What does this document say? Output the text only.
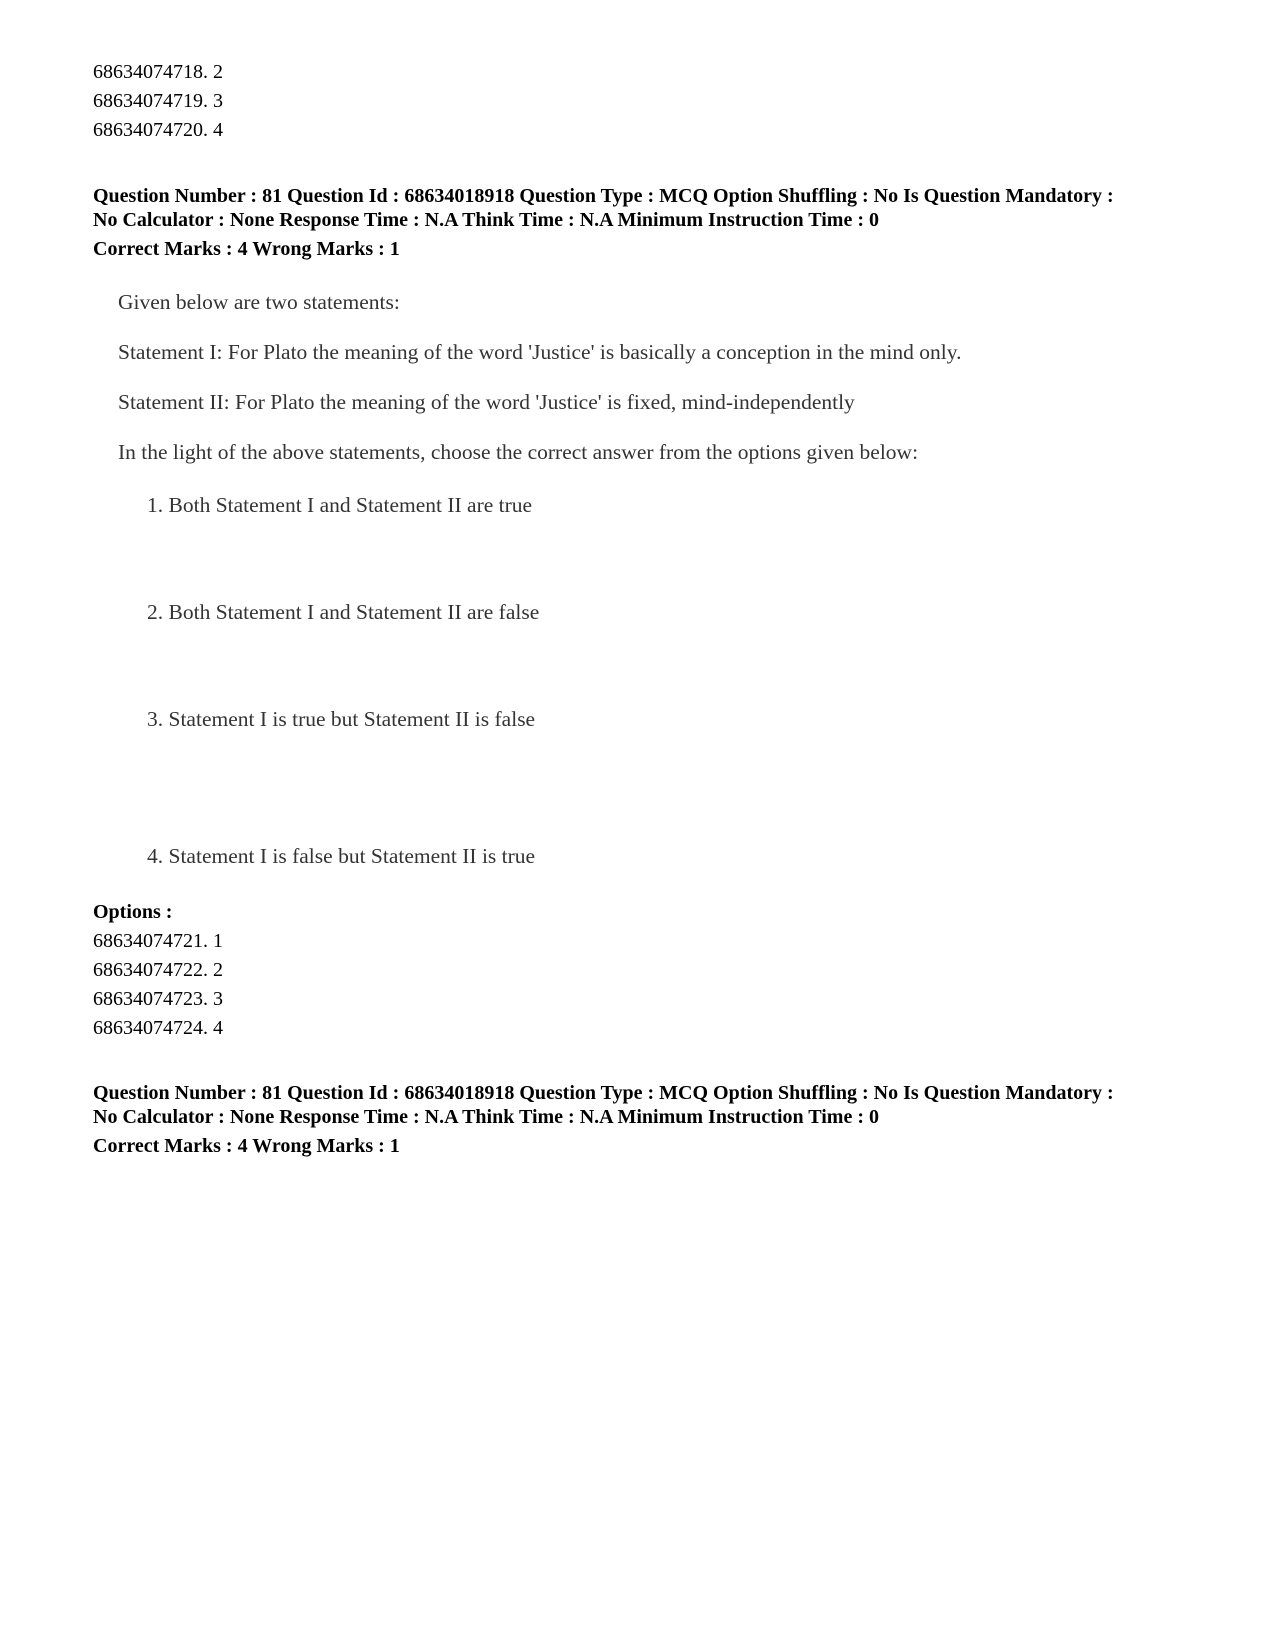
68634074718. 2
68634074719. 3
68634074720. 4
Question Number : 81 Question Id : 68634018918 Question Type : MCQ Option Shuffling : No Is Question Mandatory :
No Calculator : None Response Time : N.A Think Time : N.A Minimum Instruction Time : 0
Correct Marks : 4 Wrong Marks : 1
Given below are two statements:
Statement I: For Plato the meaning of the word 'Justice' is basically a conception in the mind only.
Statement II: For Plato the meaning of the word 'Justice' is fixed, mind-independently
In the light of the above statements, choose the correct answer from the options given below:
1. Both Statement I and Statement II are true
2. Both Statement I and Statement II are false
3. Statement I is true but Statement II is false
4. Statement I is false but Statement II is true
Options :
68634074721. 1
68634074722. 2
68634074723. 3
68634074724. 4
Question Number : 81 Question Id : 68634018918 Question Type : MCQ Option Shuffling : No Is Question Mandatory :
No Calculator : None Response Time : N.A Think Time : N.A Minimum Instruction Time : 0
Correct Marks : 4 Wrong Marks : 1
